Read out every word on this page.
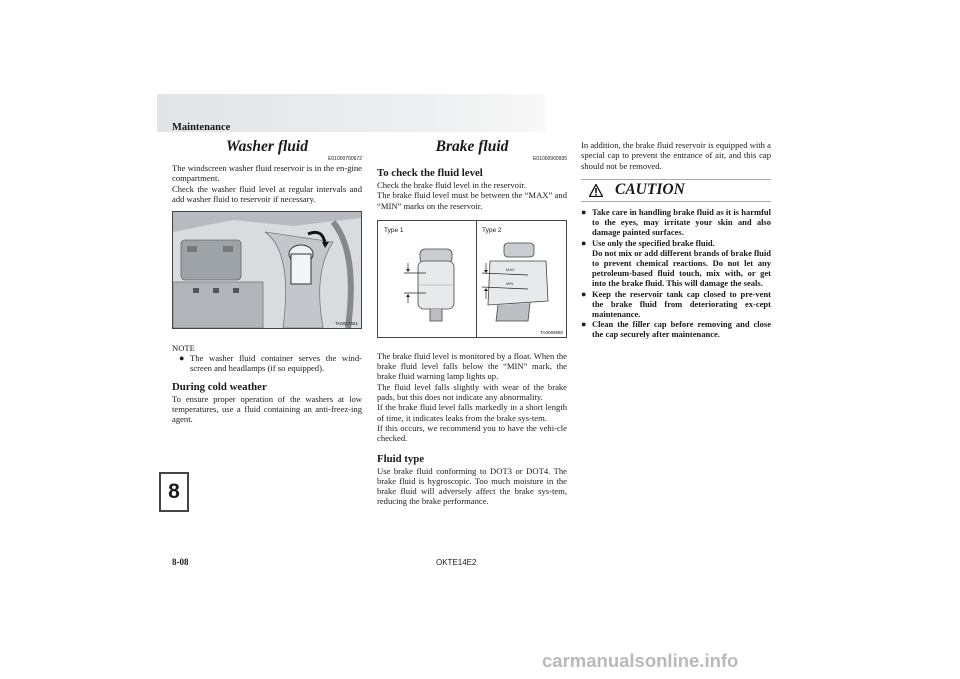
Maintenance
Washer fluid
E01000700672

The windscreen washer fluid reservoir is in the en-gine compartment.

Check the washer fluid level at regular intervals and add washer fluid to reservoir if necessary.

TA0917551
NOTE
● The washer fluid container serves the wind-screen and headlamps (if so equipped).
During cold weather

To ensure proper operation of the washers at low temperatures, use a fluid containing an anti-freez-ing agent.

Brake fluid
E01000900935
To check the fluid level

Check the brake fluid level in the reservoir.

The brake fluid level must be between the “MAX” and “MIN” marks on the reservoir.

Type 1	Type 2
MAX
MIN
TA0069980

The brake fluid level is monitored by a float. When the brake fluid level falls below the “MIN” mark, the brake fluid warning lamp lights up.

The fluid level falls slightly with wear of the brake pads, but this does not indicate any abnormality.

If the brake fluid level falls markedly in a short length of time, it indicates leaks from the brake sys-tem.

If this occurs, we recommend you to have the vehi-cle checked.

Fluid type

Use brake fluid conforming to DOT3 or DOT4. The brake fluid is hygroscopic. Too much moisture in the brake fluid will adversely affect the brake sys-tem, reducing the brake performance.

In addition, the brake fluid reservoir is equipped with a special cap to prevent the entrance of air, and this cap should not be removed.

CAUTION
● Take care in handling brake fluid as it is harmful to the eyes, may irritate your skin and also damage painted surfaces.
● Use only the specified brake fluid.
Do not mix or add different brands of brake fluid to prevent chemical reactions. Do not let any petroleum-based fluid touch, mix with, or get into the brake fluid. This will damage the seals.
● Keep the reservoir tank cap closed to pre-vent the brake fluid from deteriorating ex-cept maintenance.
● Clean the filler cap before removing and close the cap securely after maintenance.
8
8-08	OKTE14E2
carmanualsonline.info
